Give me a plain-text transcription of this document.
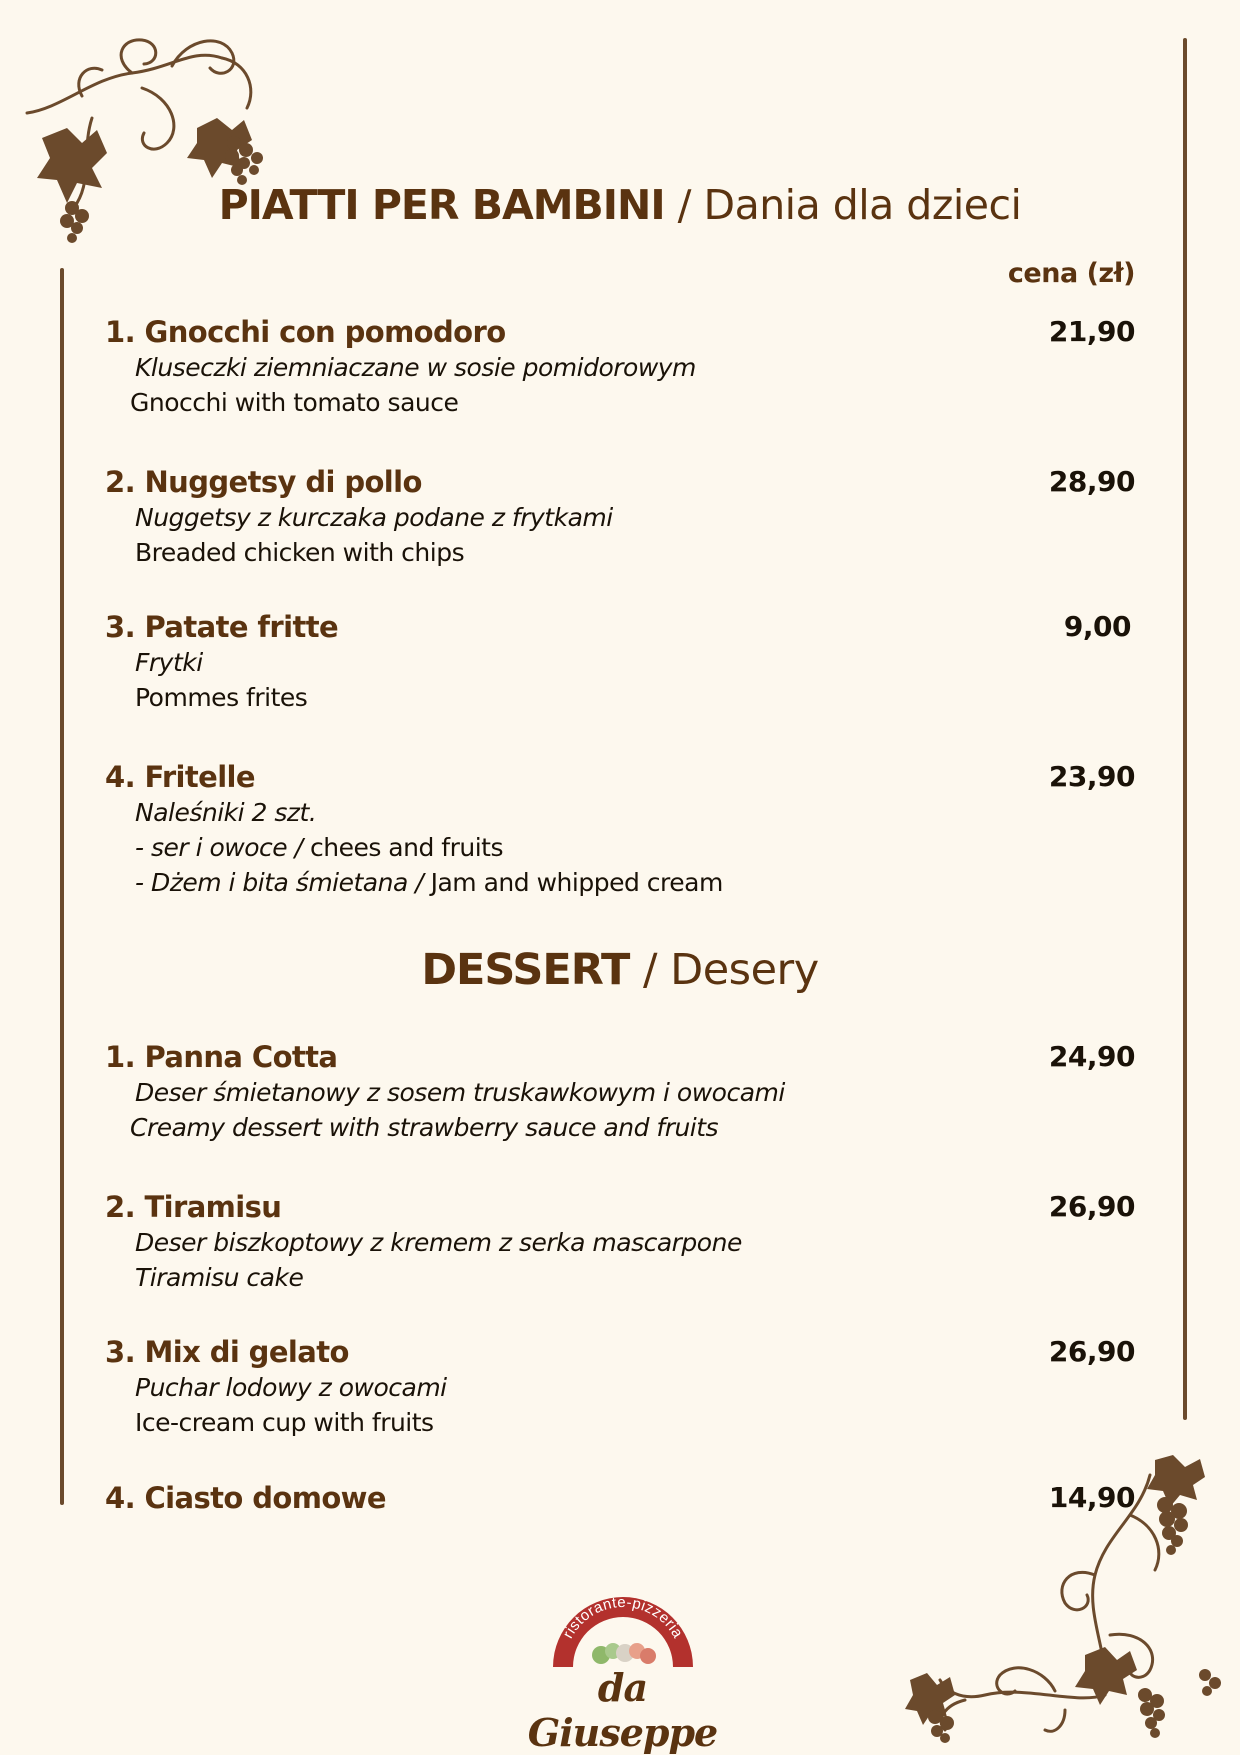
PIATTI PER BAMBINI / Dania dla dzieci
cena (zł)
1. Gnocchi con pomodoro	21,90
Kluseczki ziemniaczane w sosie pomidorowym
Gnocchi with tomato sauce
2. Nuggetsy di pollo	28,90
Nuggetsy z kurczaka podane z frytkami
Breaded chicken with chips
3. Patate fritte	9,00
Frytki
Pommes frites
4. Fritelle	23,90
Naleśniki 2 szt.
- ser i owoce / chees and fruits
- Dżem i bita śmietana / Jam and whipped cream
DESSERT / Desery
1. Panna Cotta	24,90
Deser śmietanowy z sosem truskawkowym i owocami
Creamy dessert with strawberry sauce and fruits
2. Tiramisu	26,90
Deser biszkoptowy z kremem z serka mascarpone
Tiramisu cake
3. Mix di gelato	26,90
Puchar lodowy z owocami
Ice-cream cup with fruits
4. Ciasto domowe	14,90
ristorante-pizzeria
da Giuseppe
